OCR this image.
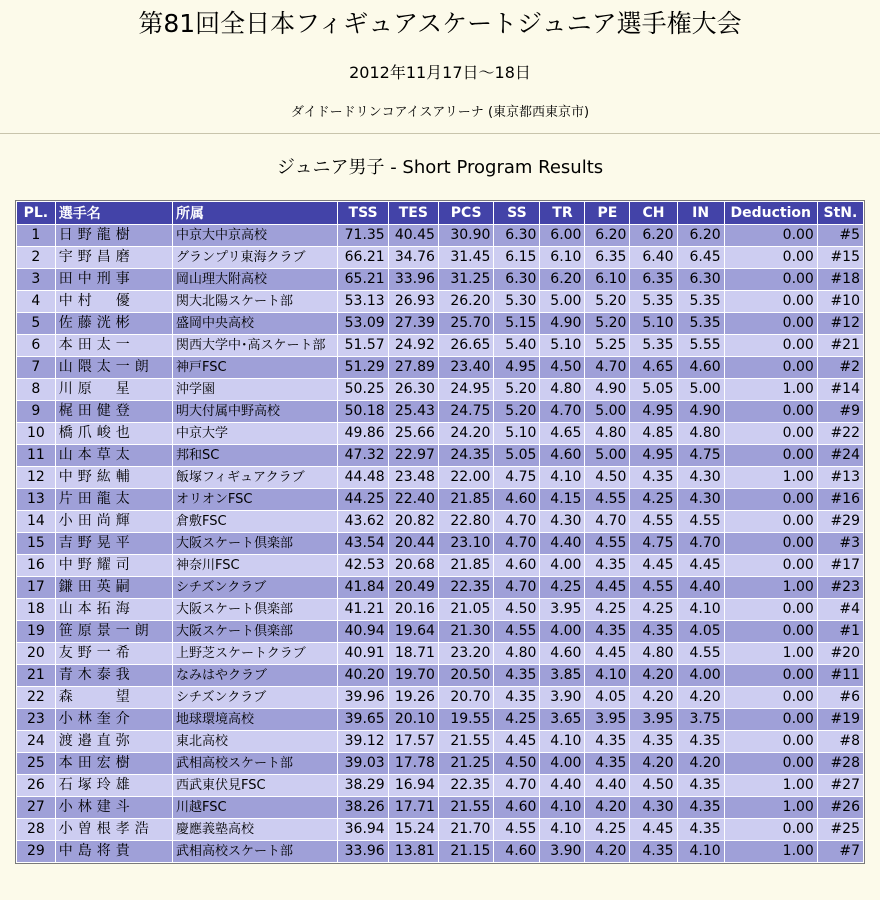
第81回全日本フィギュアスケートジュニア選手権大会
2012年11月17日～18日
ダイドードリンコアイスアリーナ (東京都西東京市)
ジュニア男子 - Short Program Results
PL.	選手名	所属	TSS	TES	PCS	SS	TR	PE	CH	IN	Deduction	StN.
1	日野龍樹	中京大中京高校	71.35	40.45	30.90	6.30	6.00	6.20	6.20	6.20	0.00	#5
2	宇野昌磨	グランプリ東海クラブ	66.21	34.76	31.45	6.15	6.10	6.35	6.40	6.45	0.00	#15
3	田中刑事	岡山理大附高校	65.21	33.96	31.25	6.30	6.20	6.10	6.35	6.30	0.00	#18
4	中村　優	関大北陽スケート部	53.13	26.93	26.20	5.30	5.00	5.20	5.35	5.35	0.00	#10
5	佐藤洸彬	盛岡中央高校	53.09	27.39	25.70	5.15	4.90	5.20	5.10	5.35	0.00	#12
6	本田太一	関西大学中･高スケート部	51.57	24.92	26.65	5.40	5.10	5.25	5.35	5.55	0.00	#21
7	山隈太一朗	神戸FSC	51.29	27.89	23.40	4.95	4.50	4.70	4.65	4.60	0.00	#2
8	川原　星	沖学園	50.25	26.30	24.95	5.20	4.80	4.90	5.05	5.00	1.00	#14
9	梶田健登	明大付属中野高校	50.18	25.43	24.75	5.20	4.70	5.00	4.95	4.90	0.00	#9
10	橋爪峻也	中京大学	49.86	25.66	24.20	5.10	4.65	4.80	4.85	4.80	0.00	#22
11	山本草太	邦和SC	47.32	22.97	24.35	5.05	4.60	5.00	4.95	4.75	0.00	#24
12	中野紘輔	飯塚フィギュアクラブ	44.48	23.48	22.00	4.75	4.10	4.50	4.35	4.30	1.00	#13
13	片田龍太	オリオンFSC	44.25	22.40	21.85	4.60	4.15	4.55	4.25	4.30	0.00	#16
14	小田尚輝	倉敷FSC	43.62	20.82	22.80	4.70	4.30	4.70	4.55	4.55	0.00	#29
15	吉野晃平	大阪スケート倶楽部	43.54	20.44	23.10	4.70	4.40	4.55	4.75	4.70	0.00	#3
16	中野耀司	神奈川FSC	42.53	20.68	21.85	4.60	4.00	4.35	4.45	4.45	0.00	#17
17	鎌田英嗣	シチズンクラブ	41.84	20.49	22.35	4.70	4.25	4.45	4.55	4.40	1.00	#23
18	山本拓海	大阪スケート倶楽部	41.21	20.16	21.05	4.50	3.95	4.25	4.25	4.10	0.00	#4
19	笹原景一朗	大阪スケート倶楽部	40.94	19.64	21.30	4.55	4.00	4.35	4.35	4.05	0.00	#1
20	友野一希	上野芝スケートクラブ	40.91	18.71	23.20	4.80	4.60	4.45	4.80	4.55	1.00	#20
21	青木泰我	なみはやクラブ	40.20	19.70	20.50	4.35	3.85	4.10	4.20	4.00	0.00	#11
22	森　　望	シチズンクラブ	39.96	19.26	20.70	4.35	3.90	4.05	4.20	4.20	0.00	#6
23	小林奎介	地球環境高校	39.65	20.10	19.55	4.25	3.65	3.95	3.95	3.75	0.00	#19
24	渡邉直弥	東北高校	39.12	17.57	21.55	4.45	4.10	4.35	4.35	4.35	0.00	#8
25	本田宏樹	武相高校スケート部	39.03	17.78	21.25	4.50	4.00	4.35	4.20	4.20	0.00	#28
26	石塚玲雄	西武東伏見FSC	38.29	16.94	22.35	4.70	4.40	4.40	4.50	4.35	1.00	#27
27	小林建斗	川越FSC	38.26	17.71	21.55	4.60	4.10	4.20	4.30	4.35	1.00	#26
28	小曽根孝浩	慶應義塾高校	36.94	15.24	21.70	4.55	4.10	4.25	4.45	4.35	0.00	#25
29	中島将貴	武相高校スケート部	33.96	13.81	21.15	4.60	3.90	4.20	4.35	4.10	1.00	#7
